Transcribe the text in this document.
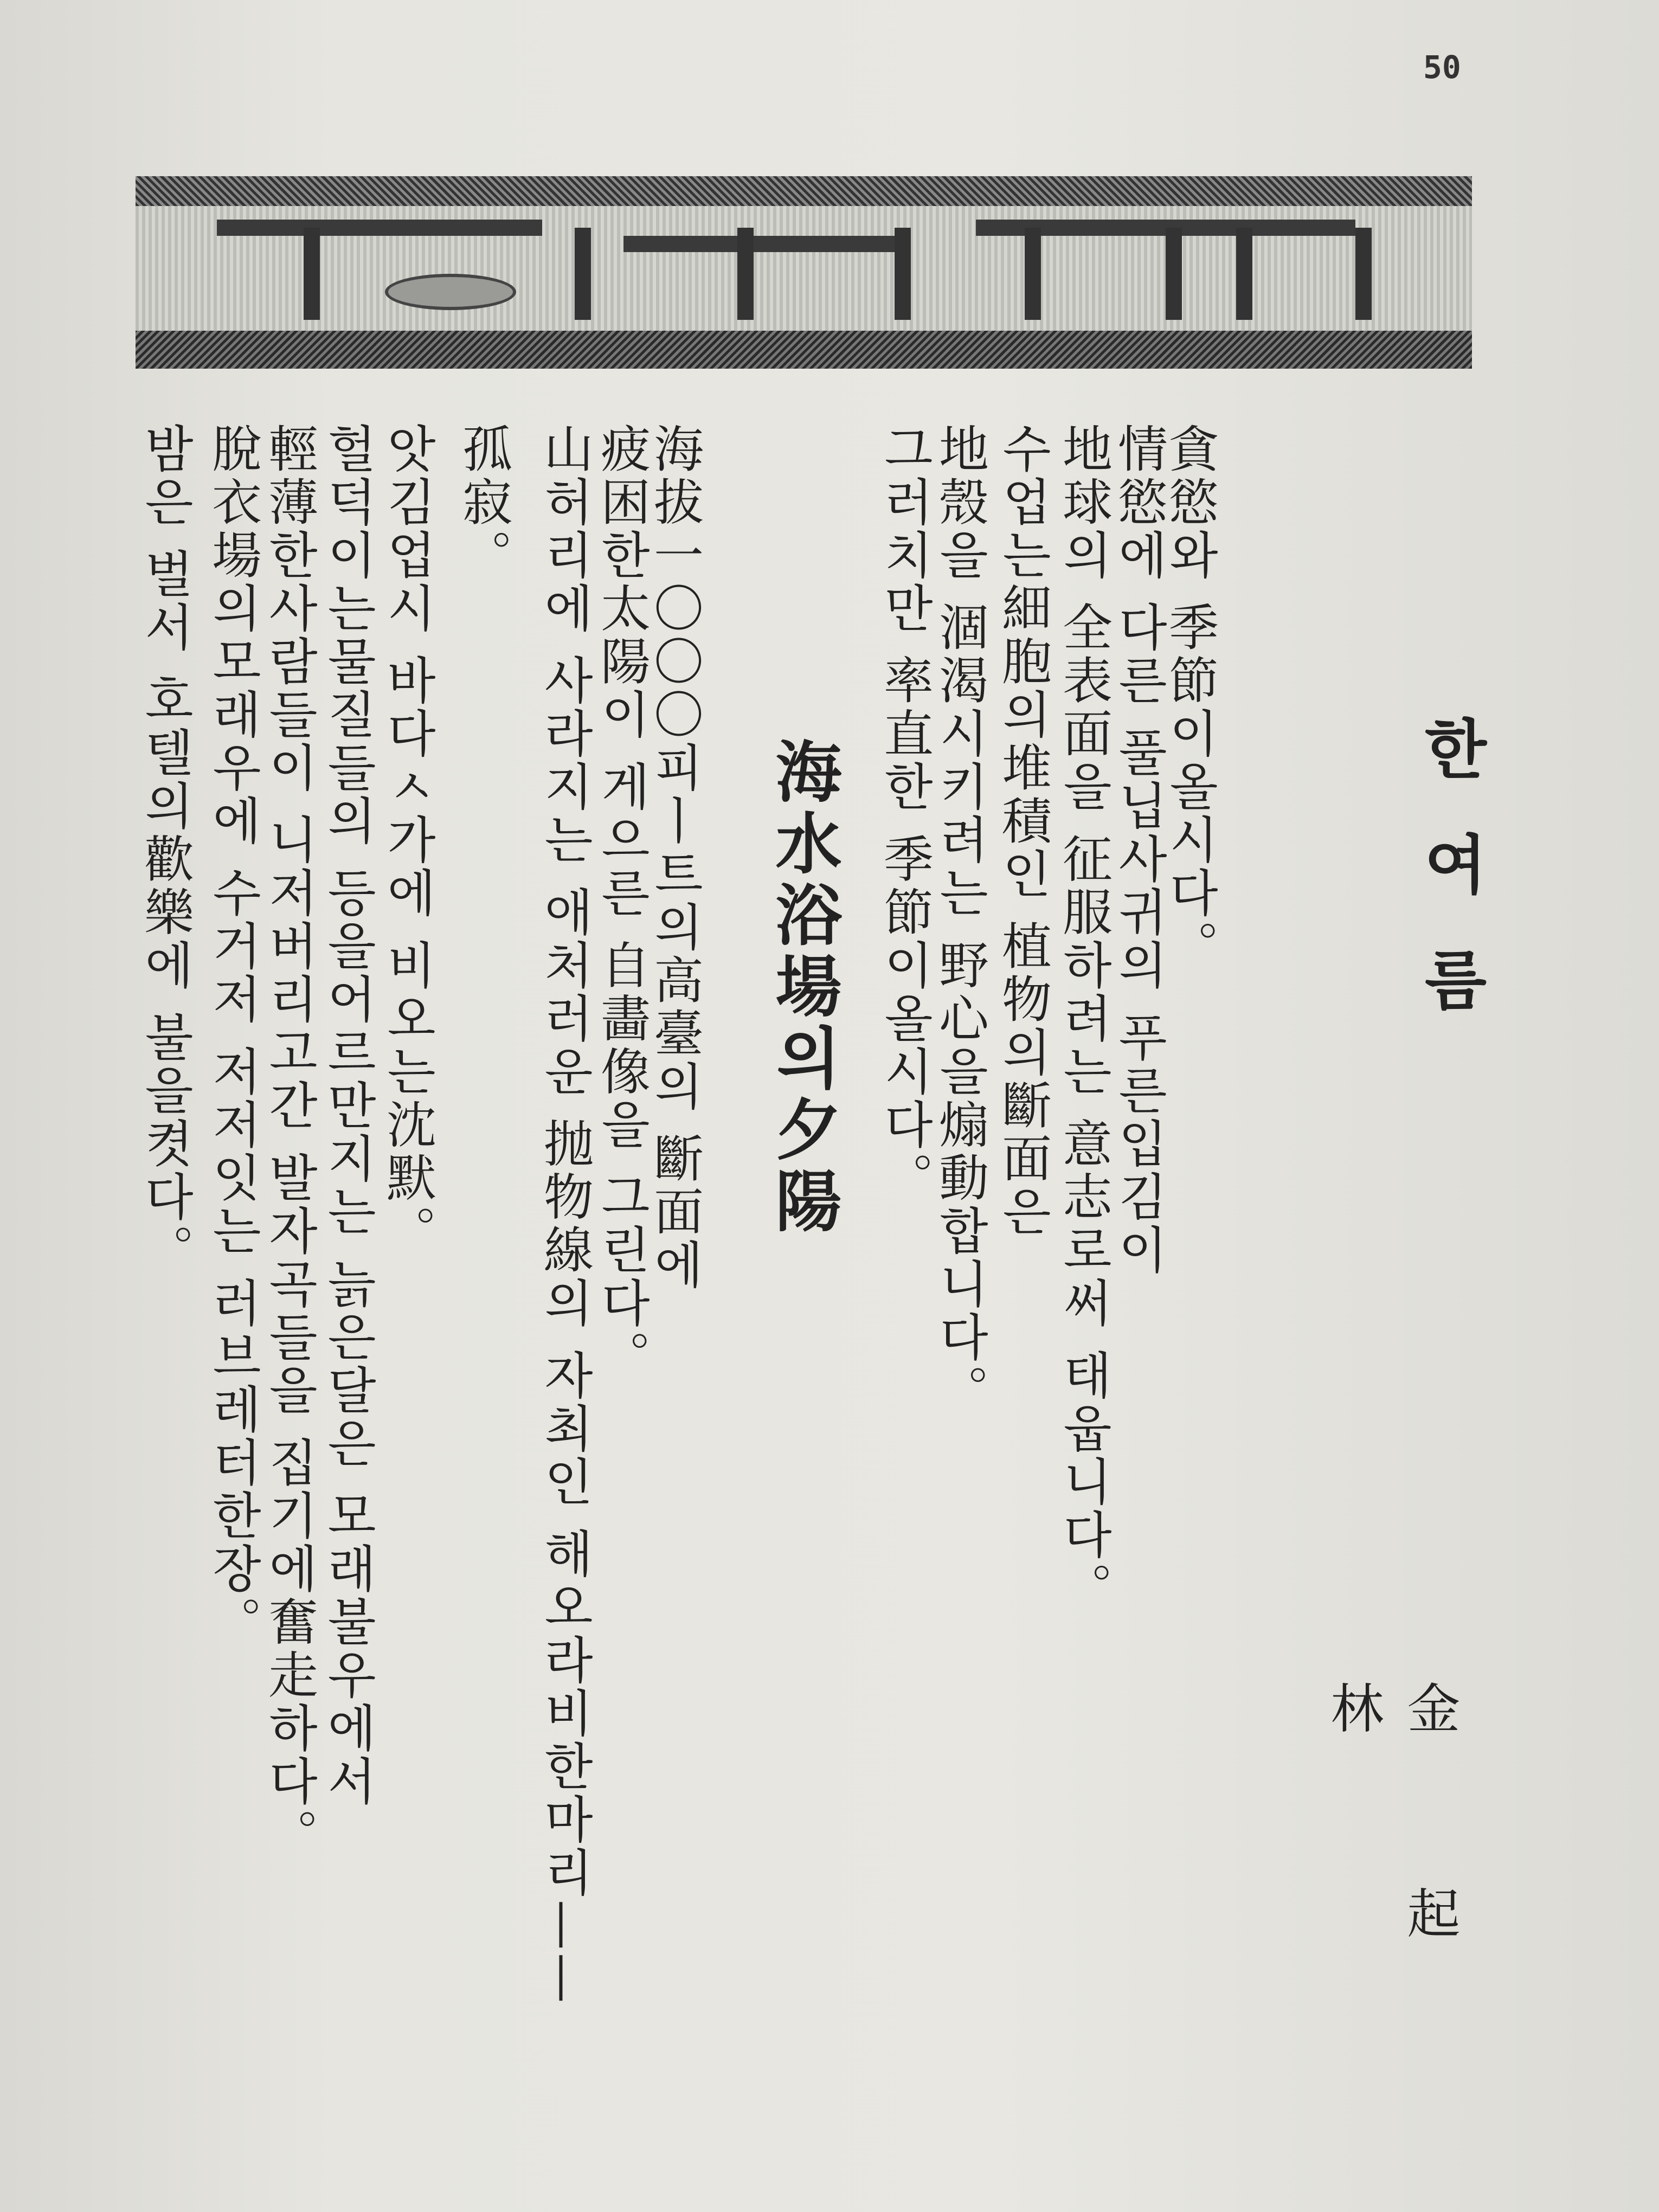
50
한여름
金起林
貪慾와 季節이올시다。
情慾에 다른 풀닙사귀의 푸른입김이
地球의 全表面을 征服하려는 意志로써 태웁니다。
수업는細胞의堆積인 植物의斷面은
地殼을 涸渴시키려는 野心을煽動합니다。
그러치만 率直한 季節이올시다。
海水浴場의夕陽
海拔一〇〇〇피ㅣ트의高臺의 斷面에
疲困한太陽이 게으른 自畵像을 그린다。
山허리에 사라지는 애처러운 抛物線의 자최인 해오라비한마리——
孤寂。
앗김업시 바다ㅅ가에 비오는沈默。
헐덕이는물질들의 등을어르만지는 늙은달은 모래불우에서
輕薄한사람들이 니저버리고간 발자곡들을 집기에奮走하다。
脫衣場의모래우에 수거저 저저잇는 러브레터한장。
밤은 벌서 호텔의歡樂에 불을켯다。
